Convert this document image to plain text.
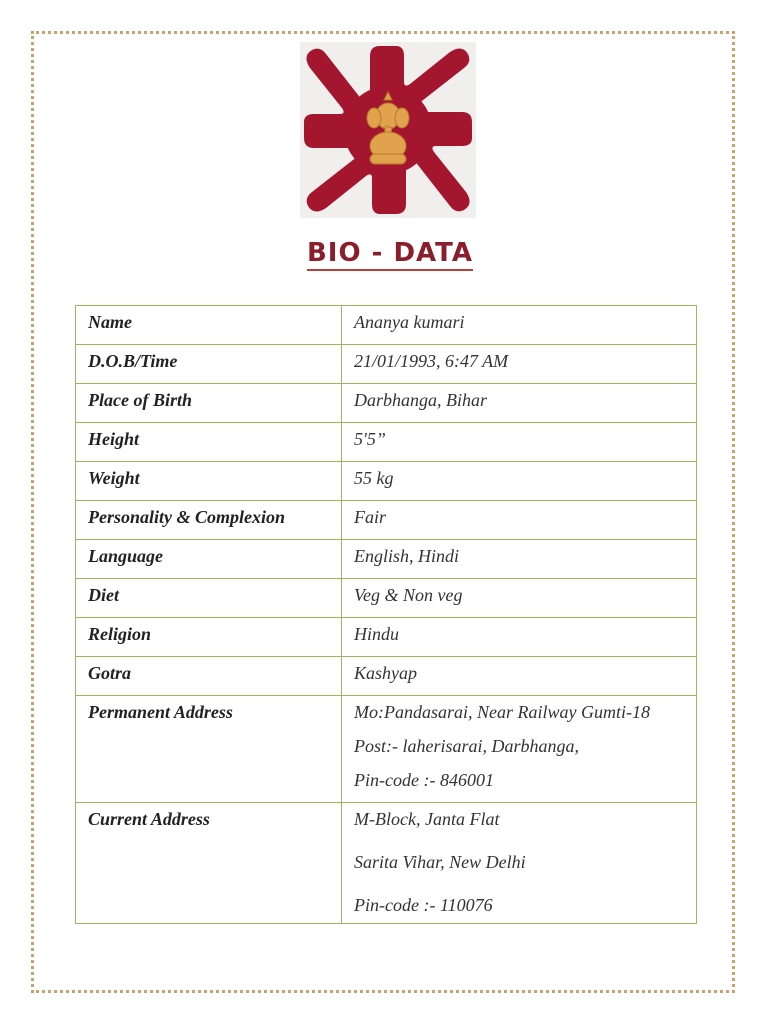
BIO - DATA
Name	Ananya kumari
D.O.B/Time	21/01/1993, 6:47 AM
Place of Birth	Darbhanga, Bihar
Height	5'5”
Weight	55 kg
Personality & Complexion	Fair
Language	English, Hindi
Diet	Veg & Non veg
Religion	Hindu
Gotra	Kashyap
Permanent Address	Mo:Pandasarai, Near Railway Gumti-18
Post:- laherisarai, Darbhanga,
Pin-code :- 846001

Current Address	M-Block, Janta Flat
Sarita Vihar, New Delhi
Pin-code :- 110076
